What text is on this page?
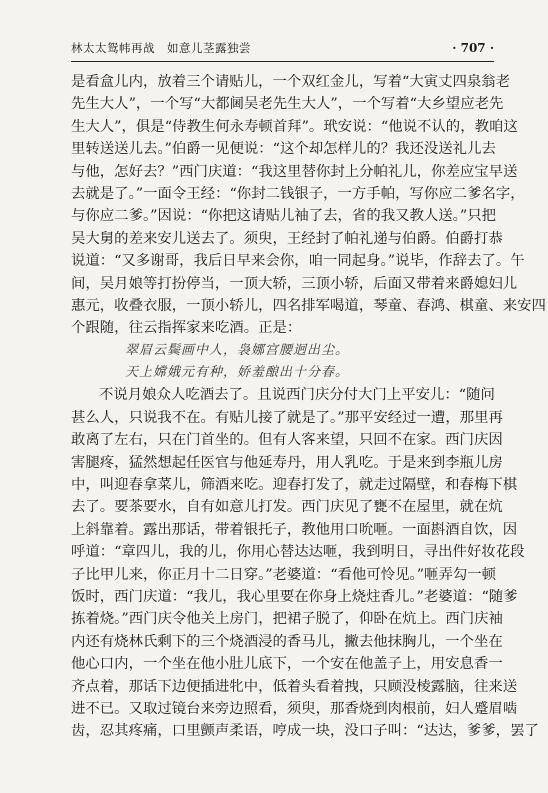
林太太鸳帏再战　如意儿茎露独尝	· 707 ·
是看盒儿内，放着三个请贴儿，一个双红金儿，写着“大寅丈四泉翁老
先生大人”，一个写“大都阃吴老先生大人”，一个写着“大乡望应老先
生大人”，俱是“侍教生何永寿顿首拜”。玳安说：“他说不认的，教咱这
里转送送儿去。”伯爵一见便说：“这个却怎样儿的？我还没送礼儿去
与他，怎好去？”西门庆道：“我这里替你封上分帕礼儿，你差应宝早送
去就是了。”一面令王经：“你封二钱银子，一方手帕，写你应二爹名字，
与你应二爹。”因说：“你把这请贴儿袖了去，省的我又教人送。”只把
吴大舅的差来安儿送去了。须臾，王经封了帕礼递与伯爵。伯爵打恭
说道：“又多谢哥，我后日早来会你，咱一同起身。”说毕，作辞去了。午
间，吴月娘等打扮停当，一顶大轿，三顶小轿，后面又带着来爵媳妇儿
惠元，收叠衣服，一顶小轿儿，四名排军喝道，琴童、春鸿、棋童、来安四
个跟随，往云指挥家来吃酒。正是：
翠眉云鬓画中人，袅娜宫腰迥出尘。
天上嫦娥元有种，娇羞酿出十分春。
不说月娘众人吃酒去了。且说西门庆分付大门上平安儿：“随问
甚么人，只说我不在。有贴儿接了就是了。”那平安经过一遭，那里再
敢离了左右，只在门首坐的。但有人客来望，只回不在家。西门庆因
害腿疼，猛然想起任医官与他延寿丹，用人乳吃。于是来到李瓶儿房
中，叫迎春拿菜儿，筛酒来吃。迎春打发了，就走过隔壁，和春梅下棋
去了。要茶要水，自有如意儿打发。西门庆见了甕不在屋里，就在炕
上斜靠着。露出那话，带着银托子，教他用口吮咂。一面斟酒自饮，因
呼道：“章四儿，我的儿，你用心替达达咂，我到明日，寻出件好妆花段
子比甲儿来，你正月十二日穿。”老婆道：“看他可怜见。”咂弄勾一顿
饭时，西门庆道：“我儿，我心里要在你身上烧炷香儿。”老婆道：“随爹
拣着烧。”西门庆令他关上房门，把裙子脱了，仰卧在炕上。西门庆袖
内还有烧林氏剩下的三个烧酒浸的香马儿，撇去他抹胸儿，一个坐在
他心口内，一个坐在他小肚儿底下，一个安在他盖子上，用安息香一
齐点着，那话下边便插进牝中，低着头看着拽，只顾没棱露脑，往来送
进不已。又取过镜台来旁边照看，须臾，那香烧到肉根前，妇人蹙眉啮
齿，忍其疼痛，口里颤声柔语，哼成一块，没口子叫：“达达，爹爹，罢了
